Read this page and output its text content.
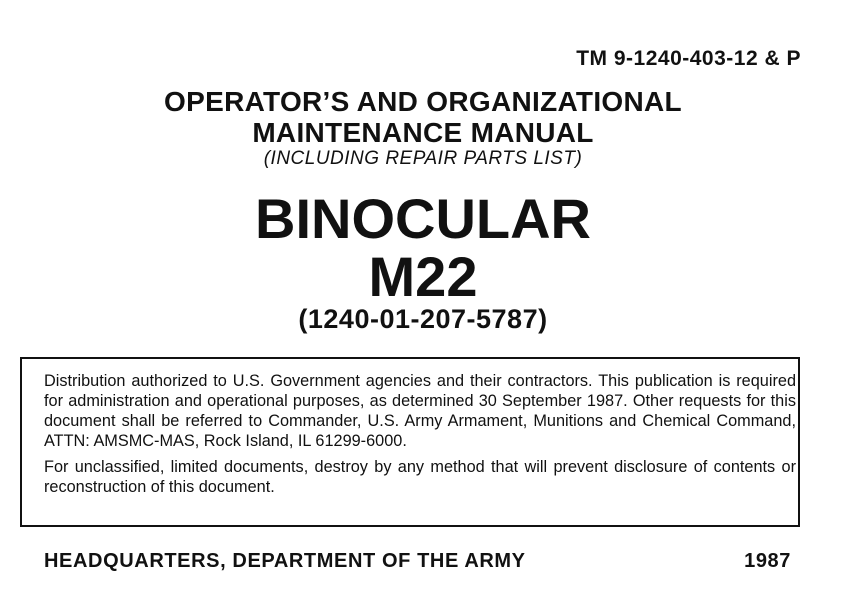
TM 9-1240-403-12 & P
OPERATOR’S AND ORGANIZATIONAL
MAINTENANCE MANUAL
(INCLUDING REPAIR PARTS LIST)
BINOCULAR
M22
(1240-01-207-5787)

Distribution authorized to U.S. Government agencies and their contractors. This publication is required for administration and operational purposes, as determined 30 September 1987. Other requests for this document shall be referred to Commander, U.S. Army Armament, Munitions and Chemical Command, ATTN: AMSMC-MAS, Rock Island, IL 61299-6000.

For unclassified, limited documents, destroy by any method that will prevent disclosure of contents or reconstruction of this document.

HEADQUARTERS, DEPARTMENT OF THE ARMY	1987
